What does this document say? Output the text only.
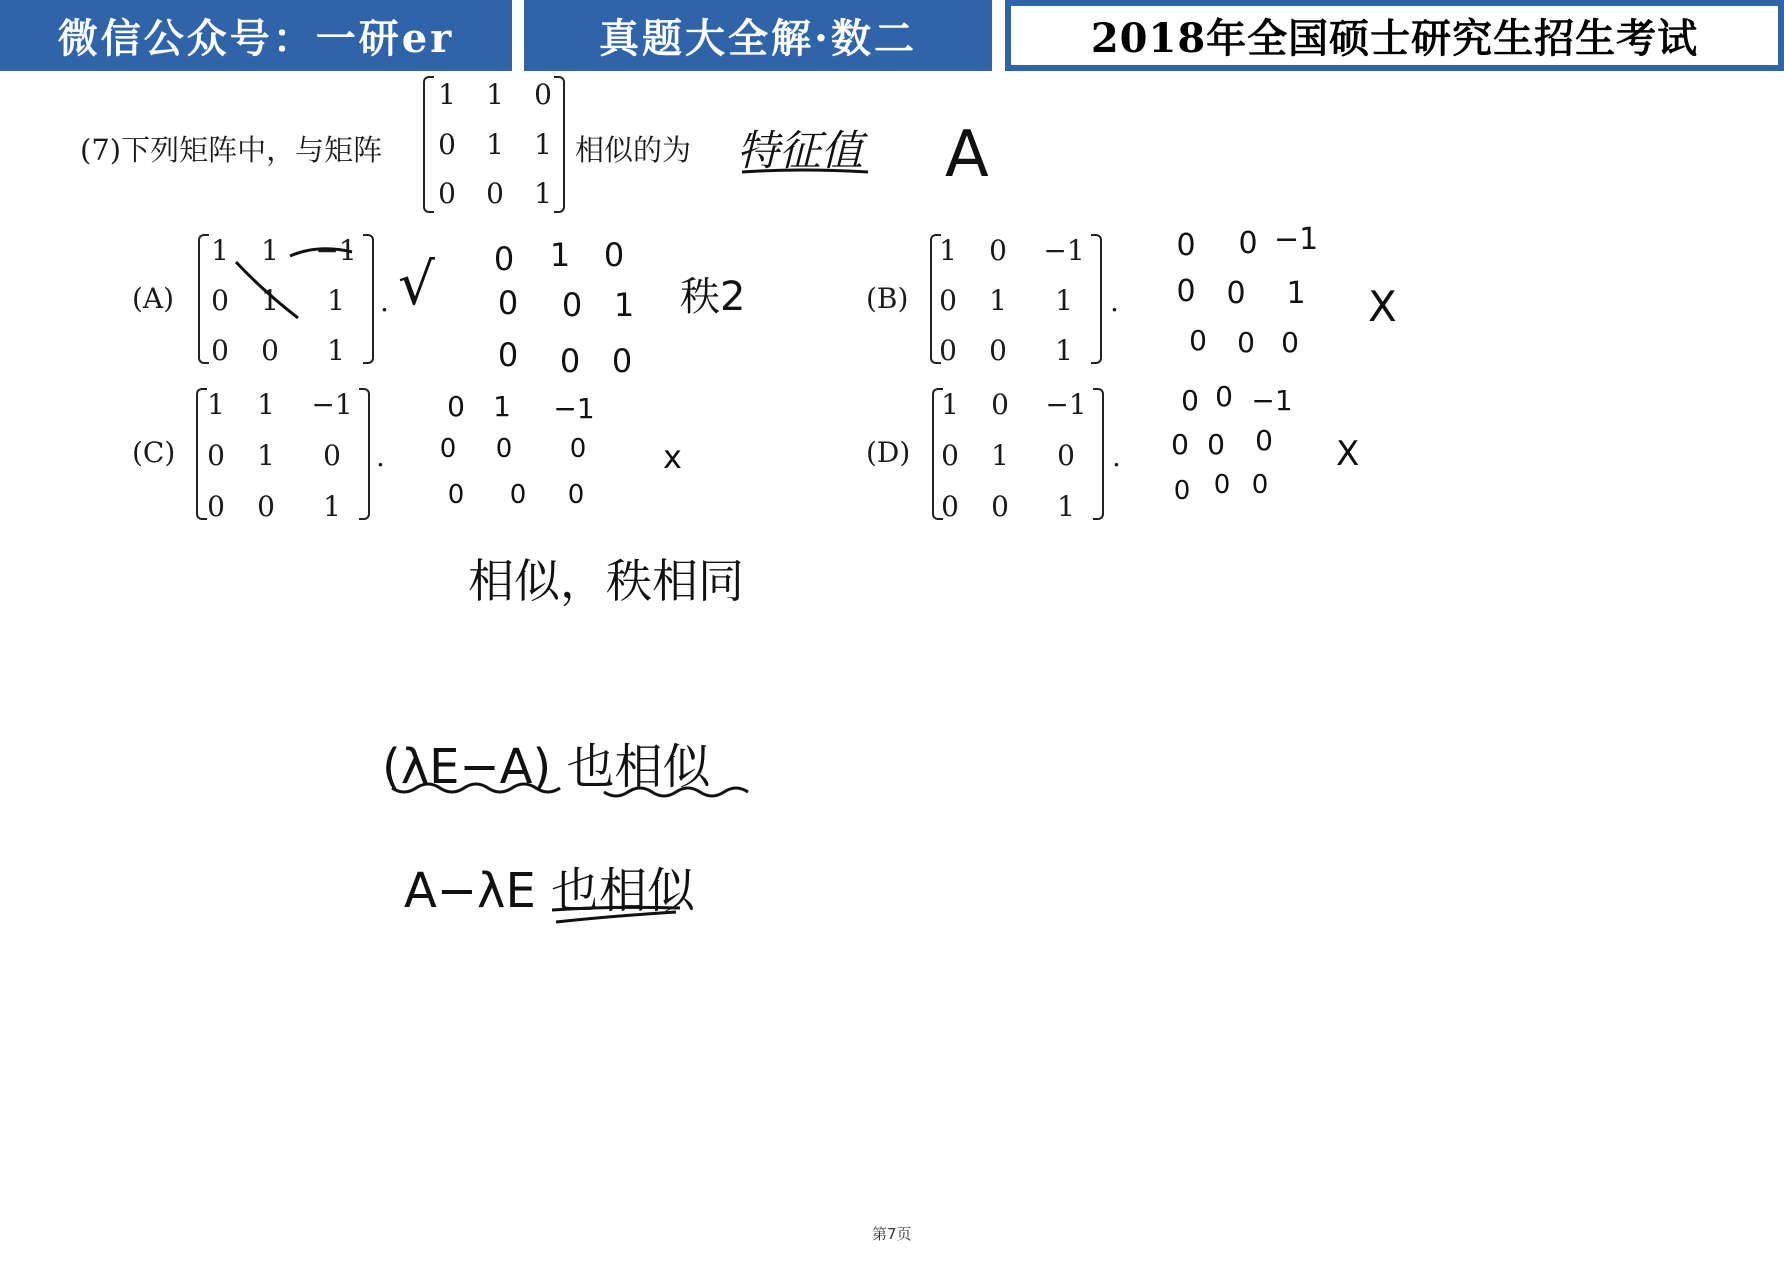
微信公众号：一研er	真题大全解·数二	2018年全国硕士研究生招生考试
(7)下列矩阵中，与矩阵
1	1	0
0	1	1
0	0	1
相似的为 特征值 A
(A)
1	1	−1
0	1	1
0	0	1
. √	0	1	0
0	0 1
0	0 0
秩2	(B)
1	0	−1
0	1	1
0	0	1
.
0	0 −1
0	0	1
0	0 0
X
(C)
1	1	−1
0	1	0
0	0	1
.
0	1	−1
0	0	0
0	0	0
x	(D)
1	0	−1
0	1	0
0	0	1
.
0 0 −1
0 0	0
0 0 0
X
相似，秩相同
(λE−A) 也相似
A−λE 也相似
第7页
